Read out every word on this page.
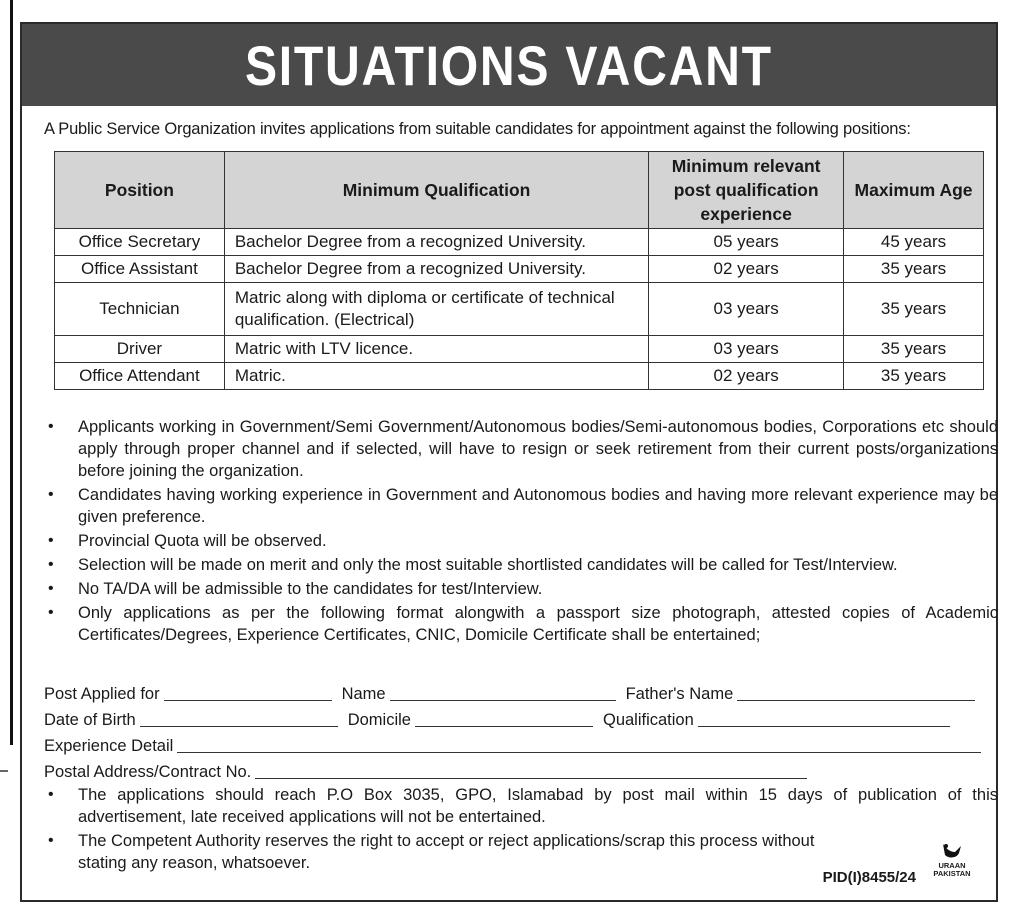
SITUATIONS VACANT
A Public Service Organization invites applications from suitable candidates for appointment against the following positions:
Position	Minimum Qualification	Minimum relevant post qualification experience	Maximum Age
Office Secretary	Bachelor Degree from a recognized University.	05 years	45 years
Office Assistant	Bachelor Degree from a recognized University.	02 years	35 years
Technician	Matric along with diploma or certificate of technical qualification. (Electrical)	03 years	35 years
Driver	Matric with LTV licence.	03 years	35 years
Office Attendant	Matric.	02 years	35 years
• Applicants working in Government/Semi Government/Autonomous bodies/Semi-autonomous bodies, Corporations etc should apply through proper channel and if selected, will have to resign or seek retirement from their current posts/organizations before joining the organization.
• Candidates having working experience in Government and Autonomous bodies and having more relevant experience may be given preference.
• Provincial Quota will be observed.
• Selection will be made on merit and only the most suitable shortlisted candidates will be called for Test/Interview.
• No TA/DA will be admissible to the candidates for test/Interview.
• Only applications as per the following format alongwith a passport size photograph, attested copies of Academic Certificates/Degrees, Experience Certificates, CNIC, Domicile Certificate shall be entertained;
Post Applied for	Name	Father's Name
Date of Birth	Domicile	Qualification
Experience Detail
Postal Address/Contract No.
• The applications should reach P.O Box 3035, GPO, Islamabad by post mail within 15 days of publication of this advertisement, late received applications will not be entertained.
• The Competent Authority reserves the right to accept or reject applications/scrap this process without stating any reason, whatsoever.	URAAN
PAKISTAN
PID(I)8455/24
